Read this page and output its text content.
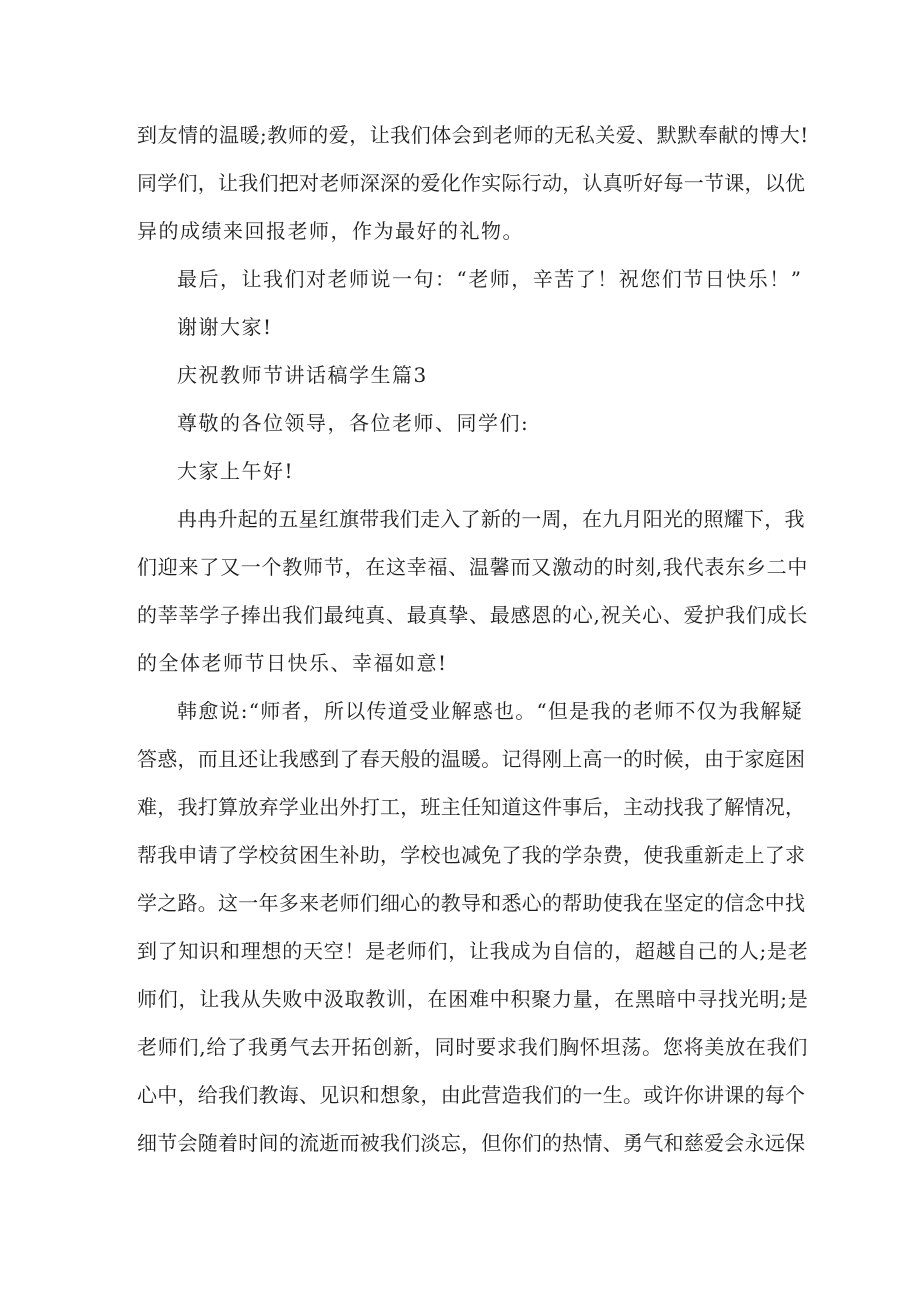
到友情的温暖;教师的爱，让我们体会到老师的无私关爱、默默奉献的博大!
同学们，让我们把对老师深深的爱化作实际行动，认真听好每一节课，以优
异的成绩来回报老师，作为最好的礼物。
最后，让我们对老师说一句：“老师，辛苦了！祝您们节日快乐！”
谢谢大家!
庆祝教师节讲话稿学生篇3
尊敬的各位领导，各位老师、同学们:
大家上午好!
冉冉升起的五星红旗带我们走入了新的一周，在九月阳光的照耀下，我
们迎来了又一个教师节，在这幸福、温馨而又激动的时刻,我代表东乡二中
的莘莘学子捧出我们最纯真、最真挚、最感恩的心,祝关心、爱护我们成长
的全体老师节日快乐、幸福如意!
韩愈说:“师者，所以传道受业解惑也。“但是我的老师不仅为我解疑
答惑，而且还让我感到了春天般的温暖。记得刚上高一的时候，由于家庭困
难，我打算放弃学业出外打工，班主任知道这件事后，主动找我了解情况，
帮我申请了学校贫困生补助，学校也减免了我的学杂费，使我重新走上了求
学之路。这一年多来老师们细心的教导和悉心的帮助使我在坚定的信念中找
到了知识和理想的天空！是老师们，让我成为自信的，超越自己的人;是老
师们，让我从失败中汲取教训，在困难中积聚力量，在黑暗中寻找光明;是
老师们,给了我勇气去开拓创新，同时要求我们胸怀坦荡。您将美放在我们
心中，给我们教诲、见识和想象，由此营造我们的一生。或许你讲课的每个
细节会随着时间的流逝而被我们淡忘，但你们的热情、勇气和慈爱会永远保
